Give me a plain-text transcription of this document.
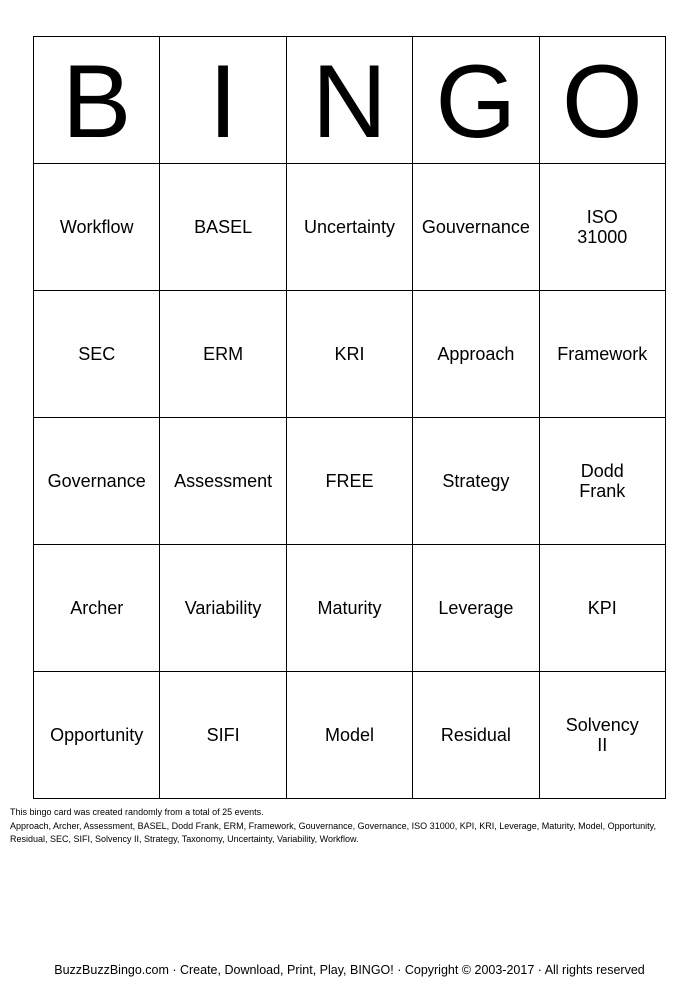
B	I	N	G	O
Workflow	BASEL	Uncertainty	Gouvernance	ISO
31000
SEC	ERM	KRI	Approach	Framework
Governance	Assessment	FREE	Strategy	Dodd
Frank
Archer	Variability	Maturity	Leverage	KPI
Opportunity	SIFI	Model	Residual	Solvency
II
This bingo card was created randomly from a total of 25 events.
Approach, Archer, Assessment, BASEL, Dodd Frank, ERM, Framework, Gouvernance, Governance, ISO 31000, KPI, KRI, Leverage, Maturity, Model, Opportunity,
Residual, SEC, SIFI, Solvency II, Strategy, Taxonomy, Uncertainty, Variability, Workflow.
BuzzBuzzBingo.com · Create, Download, Print, Play, BINGO! · Copyright © 2003-2017 · All rights reserved
